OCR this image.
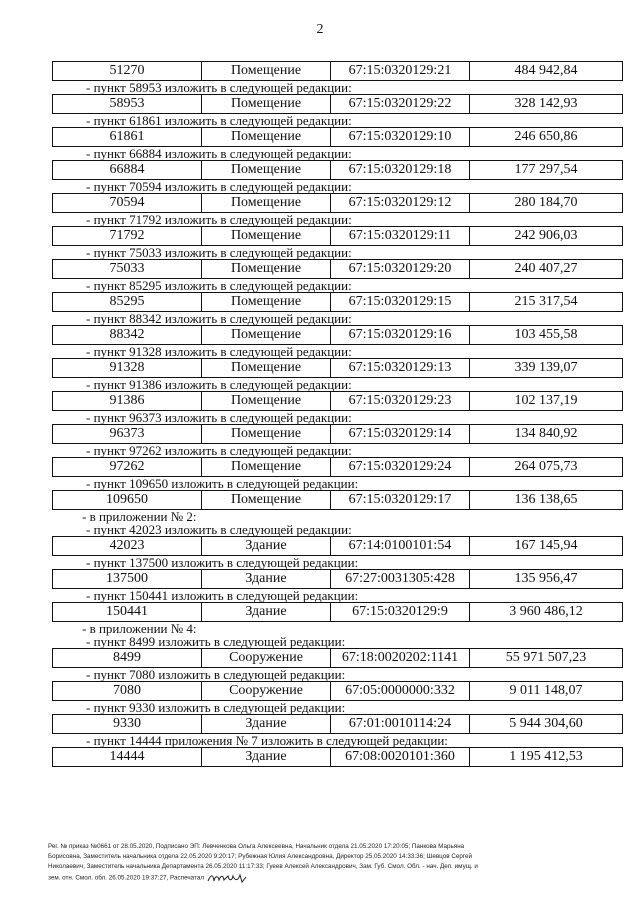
2
51270	Помещение	67:15:0320129:21	484 942,84
- пункт 58953 изложить в следующей редакции:
58953	Помещение	67:15:0320129:22	328 142,93
- пункт 61861 изложить в следующей редакции:
61861	Помещение	67:15:0320129:10	246 650,86
- пункт 66884 изложить в следующей редакции:
66884	Помещение	67:15:0320129:18	177 297,54
- пункт 70594 изложить в следующей редакции:
70594	Помещение	67:15:0320129:12	280 184,70
- пункт 71792 изложить в следующей редакции:
71792	Помещение	67:15:0320129:11	242 906,03
- пункт 75033 изложить в следующей редакции:
75033	Помещение	67:15:0320129:20	240 407,27
- пункт 85295 изложить в следующей редакции:
85295	Помещение	67:15:0320129:15	215 317,54
- пункт 88342 изложить в следующей редакции:
88342	Помещение	67:15:0320129:16	103 455,58
- пункт 91328 изложить в следующей редакции:
91328	Помещение	67:15:0320129:13	339 139,07
- пункт 91386 изложить в следующей редакции:
91386	Помещение	67:15:0320129:23	102 137,19
- пункт 96373 изложить в следующей редакции:
96373	Помещение	67:15:0320129:14	134 840,92
- пункт 97262 изложить в следующей редакции:
97262	Помещение	67:15:0320129:24	264 075,73
- пункт 109650 изложить в следующей редакции:
109650	Помещение	67:15:0320129:17	136 138,65
- в приложении № 2:
- пункт 42023 изложить в следующей редакции:
42023	Здание	67:14:0100101:54	167 145,94
- пункт 137500 изложить в следующей редакции:
137500	Здание	67:27:0031305:428	135 956,47
- пункт 150441 изложить в следующей редакции:
150441	Здание	67:15:0320129:9	3 960 486,12
- в приложении № 4:
- пункт 8499 изложить в следующей редакции:
8499	Сооружение	67:18:0020202:1141	55 971 507,23
- пункт 7080 изложить в следующей редакции:
7080	Сооружение	67:05:0000000:332	9 011 148,07
- пункт 9330 изложить в следующей редакции:
9330	Здание	67:01:0010114:24	5 944 304,60
- пункт 14444 приложения № 7 изложить в следующей редакции:
14444	Здание	67:08:0020101:360	1 195 412,53
Рег. № приказ №0661 от 28.05.2020, Подписано ЭП: Левченкова Ольга Алексеевна, Начальник отдела 21.05.2020 17:20:05; Панкова Марьяна
Борисовна, Заместитель начальника отдела 22.05.2020 9:20:17; Рубежная Юлия Александровна, Директор 25.05.2020 14:33:36; Шевцов Сергей
Николаевич, Заместитель начальника Департамента 26.05.2020 11:17:33; Гуеев Алексей Александрович, Зам. Губ. Смол. Обл. - нач. Деп. имущ. и
зем. отн. Смол. обл. 26.05.2020 19:37:27, Распечатал
